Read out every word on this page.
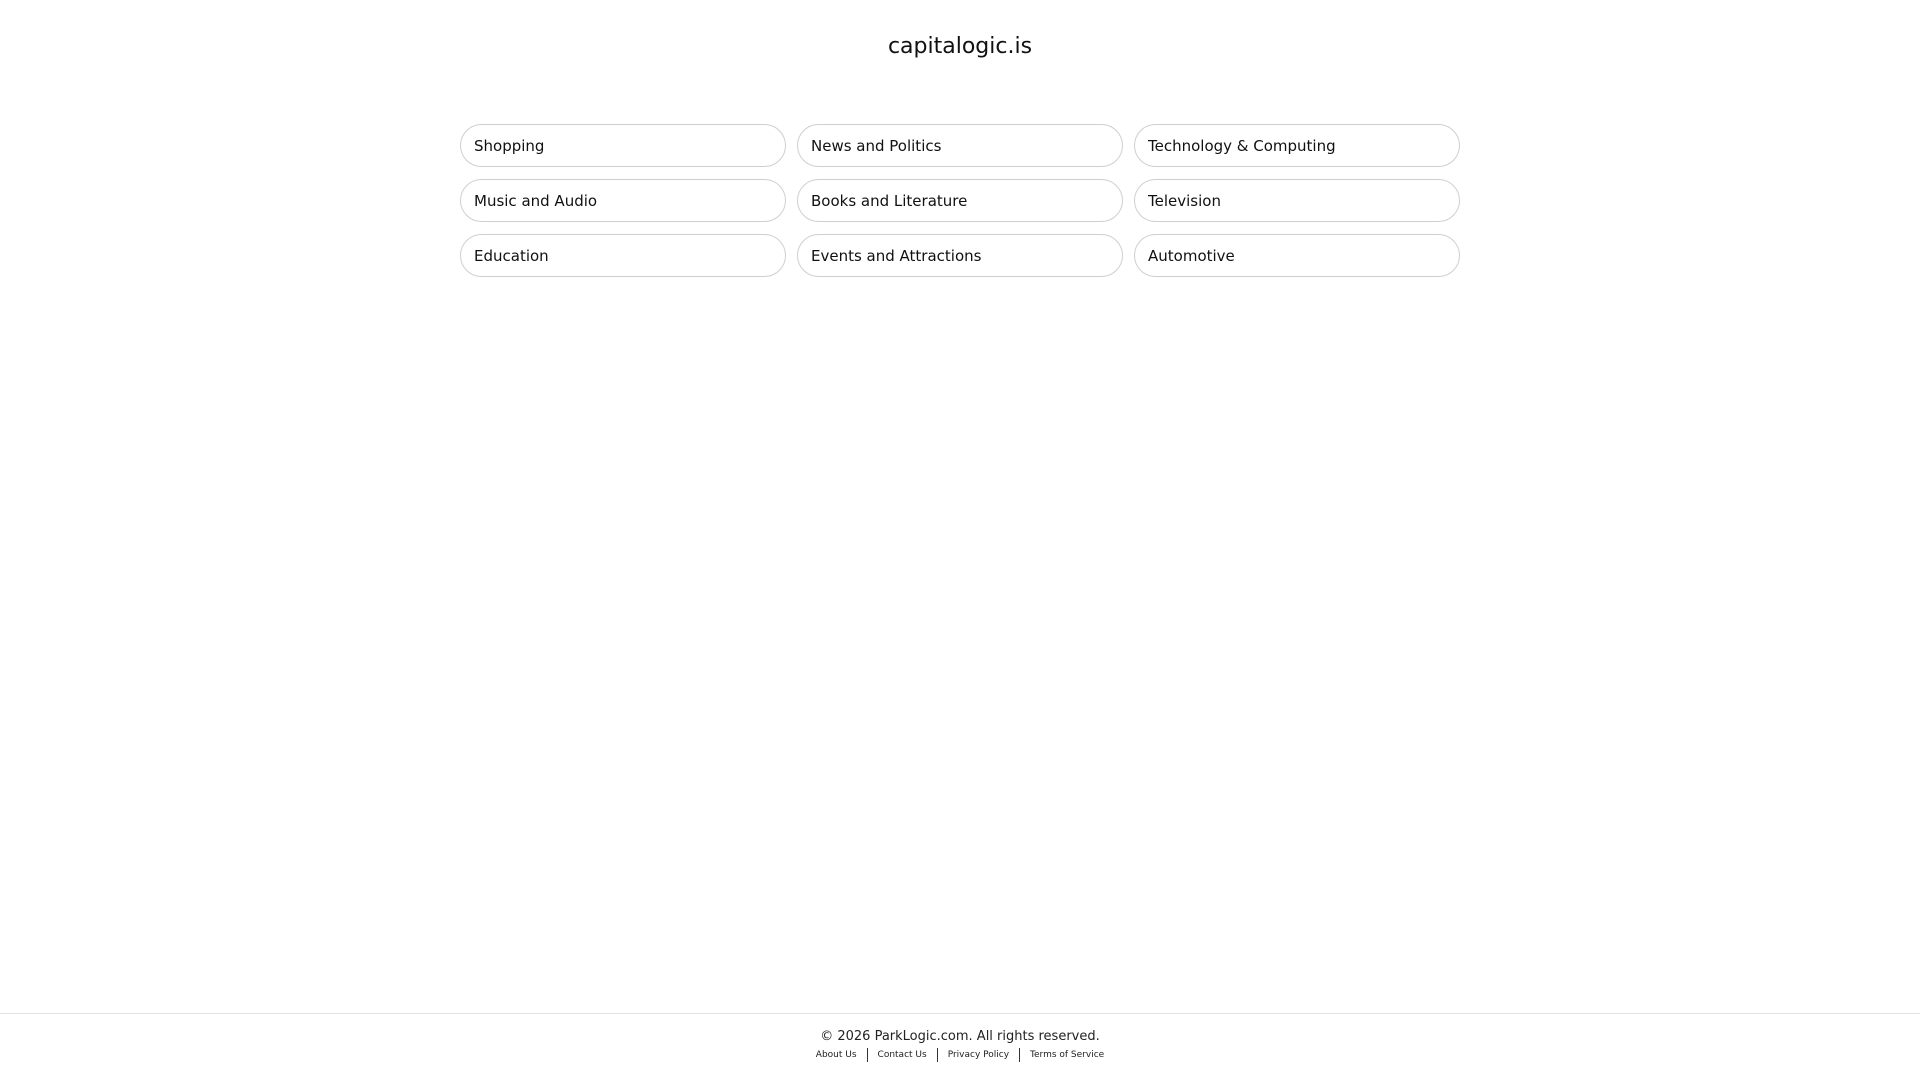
capitalogic.is
Shopping	News and Politics	Technology & Computing
Music and Audio	Books and Literature	Television
Education	Events and Attractions	Automotive
© 2026 ParkLogic.com. All rights reserved.
About Us	Contact Us	Privacy Policy	Terms of Service
